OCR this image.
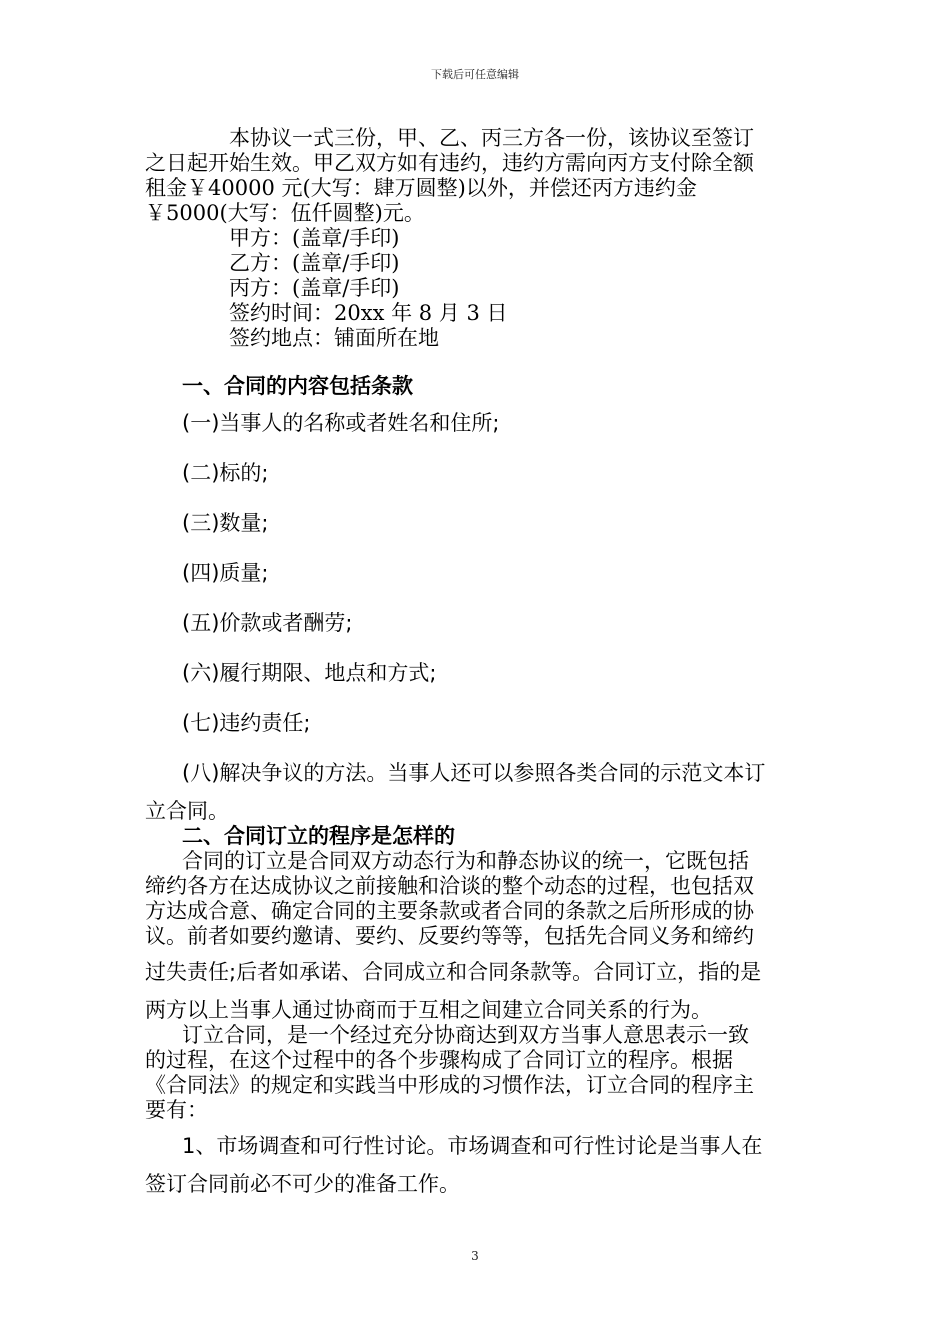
下载后可任意编辑
本协议一式三份，甲、乙、丙三方各一份，该协议至签订
之日起开始生效。甲乙双方如有违约，违约方需向丙方支付除全额
租金￥40000 元(大写：肆万圆整)以外，并偿还丙方违约金
￥5000(大写：伍仟圆整)元。
甲方：(盖章/手印)
乙方：(盖章/手印)
丙方：(盖章/手印)
签约时间：20xx 年 8 月 3 日
签约地点：铺面所在地
一、合同的内容包括条款
(一)当事人的名称或者姓名和住所;
(二)标的;
(三)数量;
(四)质量;
(五)价款或者酬劳;
(六)履行期限、地点和方式;
(七)违约责任;
(八)解决争议的方法。当事人还可以参照各类合同的示范文本订
立合同。
二、合同订立的程序是怎样的
合同的订立是合同双方动态行为和静态协议的统一，它既包括
缔约各方在达成协议之前接触和洽谈的整个动态的过程，也包括双
方达成合意、确定合同的主要条款或者合同的条款之后所形成的协
议。前者如要约邀请、要约、反要约等等，包括先合同义务和缔约
过失责任;后者如承诺、合同成立和合同条款等。合同订立，指的是
两方以上当事人通过协商而于互相之间建立合同关系的行为。
订立合同，是一个经过充分协商达到双方当事人意思表示一致
的过程，在这个过程中的各个步骤构成了合同订立的程序。根据
《合同法》的规定和实践当中形成的习惯作法，订立合同的程序主
要有：
1、市场调查和可行性讨论。市场调查和可行性讨论是当事人在
签订合同前必不可少的准备工作。
3
